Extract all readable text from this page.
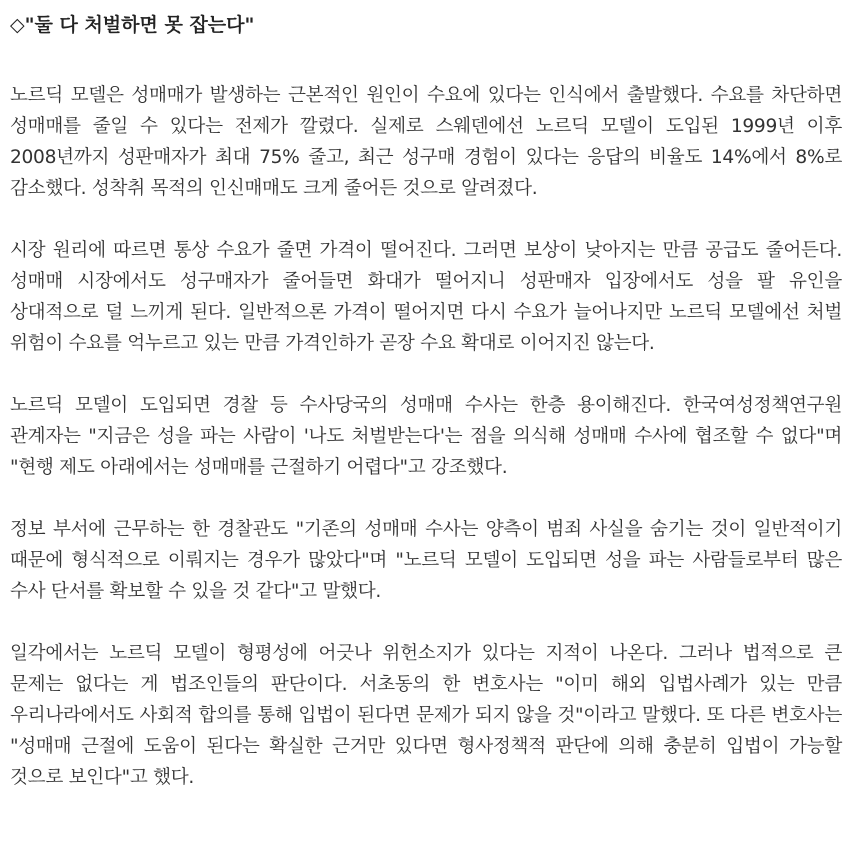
◇"둘 다 처벌하면 못 잡는다"

노르딕 모델은 성매매가 발생하는 근본적인 원인이 수요에 있다는 인식에서 출발했다. 수요를 차단하면 성매매를 줄일 수 있다는 전제가 깔렸다. 실제로 스웨덴에선 노르딕 모델이 도입된 1999년 이후 2008년까지 성판매자가 최대 75% 줄고, 최근 성구매 경험이 있다는 응답의 비율도 14%에서 8%로 감소했다. 성착취 목적의 인신매매도 크게 줄어든 것으로 알려졌다.

시장 원리에 따르면 통상 수요가 줄면 가격이 떨어진다. 그러면 보상이 낮아지는 만큼 공급도 줄어든다. 성매매 시장에서도 성구매자가 줄어들면 화대가 떨어지니 성판매자 입장에서도 성을 팔 유인을 상대적으로 덜 느끼게 된다. 일반적으론 가격이 떨어지면 다시 수요가 늘어나지만 노르딕 모델에선 처벌 위험이 수요를 억누르고 있는 만큼 가격인하가 곧장 수요 확대로 이어지진 않는다.

노르딕 모델이 도입되면 경찰 등 수사당국의 성매매 수사는 한층 용이해진다. 한국여성정책연구원 관계자는 "지금은 성을 파는 사람이 '나도 처벌받는다'는 점을 의식해 성매매 수사에 협조할 수 없다"며 "현행 제도 아래에서는 성매매를 근절하기 어렵다"고 강조했다.

정보 부서에 근무하는 한 경찰관도 "기존의 성매매 수사는 양측이 범죄 사실을 숨기는 것이 일반적이기 때문에 형식적으로 이뤄지는 경우가 많았다"며 "노르딕 모델이 도입되면 성을 파는 사람들로부터 많은 수사 단서를 확보할 수 있을 것 같다"고 말했다.

일각에서는 노르딕 모델이 형평성에 어긋나 위헌소지가 있다는 지적이 나온다. 그러나 법적으로 큰 문제는 없다는 게 법조인들의 판단이다. 서초동의 한 변호사는 "이미 해외 입법사례가 있는 만큼 우리나라에서도 사회적 합의를 통해 입법이 된다면 문제가 되지 않을 것"이라고 말했다. 또 다른 변호사는 "성매매 근절에 도움이 된다는 확실한 근거만 있다면 형사정책적 판단에 의해 충분히 입법이 가능할 것으로 보인다"고 했다.
